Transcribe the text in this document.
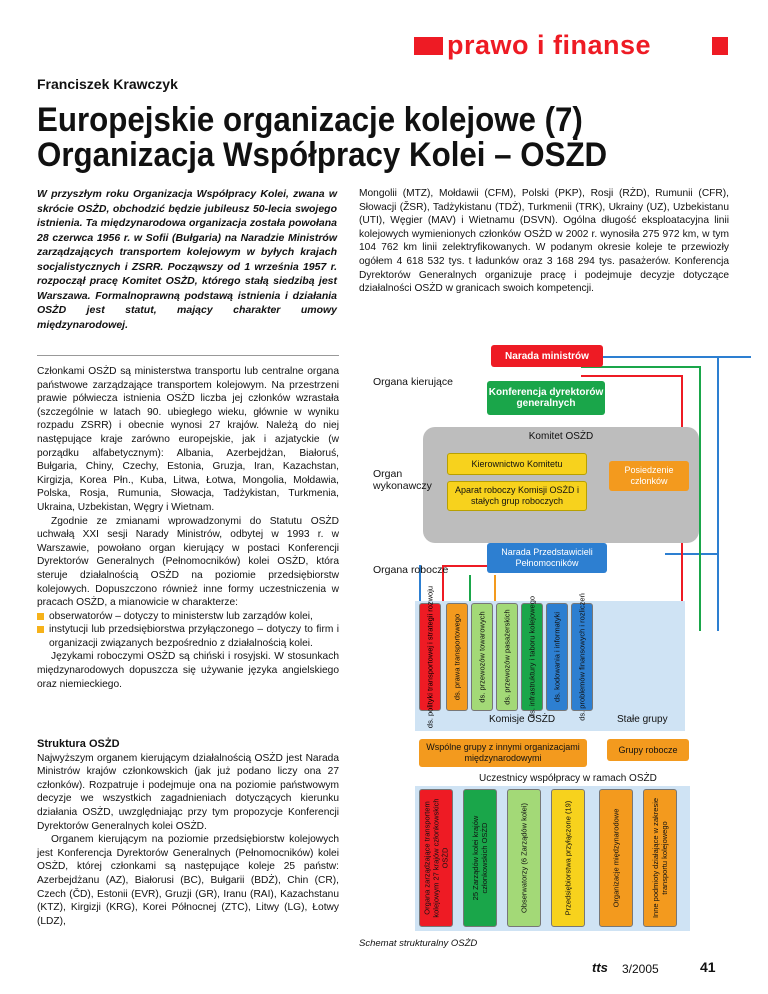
prawo i finanse
Franciszek Krawczyk
Europejskie organizacje kolejowe (7)
Organizacja Współpracy Kolei – OSŻD
W przyszłym roku Organizacja Współpracy Kolei, zwana w skrócie OSŻD, obchodzić będzie jubileusz 50-lecia swojego istnienia. Ta międzynarodowa organizacja została powołana 28 czerwca 1956 r. w Sofii (Bułgaria) na Naradzie Ministrów zarządzających transportem kolejowym w byłych krajach socjalistycznych i ZSRR. Począwszy od 1 września 1957 r. rozpoczął pracę Komitet OSŻD, którego stałą siedzibą jest Warszawa. Formalnoprawną podstawą istnienia i działania OSŻD jest statut, mający charakter umowy międzynarodowej.

Członkami OSŻD są ministerstwa transportu lub centralne organa państwowe zarządzające transportem kolejowym. Na przestrzeni prawie półwiecza istnienia OSŻD liczba jej członków wzrastała (szczególnie w latach 90. ubiegłego wieku, głównie w wyniku rozpadu ZSRR) i obecnie wynosi 27 krajów. Należą do niej następujące kraje zarówno europejskie, jak i azjatyckie (w porządku alfabetycznym): Albania, Azerbejdżan, Białoruś, Bułgaria, Chiny, Czechy, Estonia, Gruzja, Iran, Kazachstan, Kirgizja, Korea Płn., Kuba, Litwa, Łotwa, Mongolia, Mołdawia, Polska, Rosja, Rumunia, Słowacja, Tadżykistan, Turkmenia, Ukraina, Uzbekistan, Węgry i Wietnam.

Zgodnie ze zmianami wprowadzonymi do Statutu OSŻD uchwałą XXI sesji Narady Ministrów, odbytej w 1993 r. w Warszawie, powołano organ kierujący w postaci Konferencji Dyrektorów Generalnych (Pełnomocników) kolei OSŻD, która steruje działalnością OSŻD na poziomie przedsiębiorstw kolejowych. Dopuszczono również inne formy uczestniczenia w pracach OSŻD, a mianowicie w charakterze:

obserwatorów – dotyczy to ministerstw lub zarządów kolei,
instytucji lub przedsiębiorstwa przyłączonego – dotyczy to firm i organizacji związanych bezpośrednio z działalnością kolei.

Językami roboczymi OSŻD są chiński i rosyjski. W stosunkach międzynarodowych dopuszcza się używanie języka angielskiego oraz niemieckiego.

Struktura OSŻD

Najwyższym organem kierującym działalnością OSŻD jest Narada Ministrów krajów członkowskich (jak już podano liczy ona 27 członków). Rozpatruje i podejmuje ona na poziomie państwowym decyzje we wszystkich zagadnieniach dotyczących kierunku działania OSŻD, uwzględniając przy tym propozycje Konferencji Dyrektorów Generalnych kolei OSŻD.

Organem kierującym na poziomie przedsiębiorstw kolejowych jest Konferencja Dyrektorów Generalnych (Pełnomocników) kolei OSŻD, której członkami są następujące koleje 25 państw: Azerbejdżanu (AZ), Białorusi (BC), Bułgarii (BDŻ), Chin (CR), Czech (ČD), Estonii (EVR), Gruzji (GR), Iranu (RAI), Kazachstanu (KTZ), Kirgizji (KRG), Korei Północnej (ZTC), Litwy (LG), Łotwy (LDZ),

Mongolii (MTZ), Mołdawii (CFM), Polski (PKP), Rosji (RŻD), Rumunii (CFR), Słowacji (ŽSR), Tadżykistanu (TDŻ), Turkmenii (TRK), Ukrainy (UZ), Uzbekistanu (UTI), Węgier (MAV) i Wietnamu (DSVN). Ogólna długość eksploatacyjna linii kolejowych wymienionych członków OSŻD w 2002 r. wynosiła 275 972 km, w tym 104 762 km linii zelektryfikowanych. W podanym okresie koleje te przewiozły ogółem 4 618 532 tys. t ładunków oraz 3 168 294 tys. pasażerów. Konferencja Dyrektorów Generalnych organizuje pracę i podejmuje decyzje dotyczące działalności OSŻD w granicach swoich kompetencji.

Narada ministrów
Organa kierujące
Konferencja dyrektorów generalnych
Komitet OSŻD
Organ wykonawczy
Kierownictwo Komitetu
Aparat roboczy Komisji OSŻD i stałych grup roboczych
Posiedzenie członków
Narada Przedstawicieli Pełnomocników
Organa robocze
ds. polityki transportowej i strategii rozwoju ds. prawa transportowego ds. przewozów towarowych ds. przewozów pasażerskich ds. infrastruktury i taboru kolejowego ds. kodowania i informatyki ds. problemów finansowych i rozliczeń
Komisje OSŻD	Stałe grupy
Wspólne grupy z innymi organizacjami międzynarodowymi
Grupy robocze
Uczestnicy współpracy w ramach OSŻD
Organa zarządzające transportem kolejowym 27 krajów członkowskich OSŻD	25 Zarządów kolei krajów członkowskich OSŻD	Obserwatorzy (6 Zarządów kolei)	Przedsiębiorstwa przyłączone (19)	Organizacje międzynarodowe	Inne podmioty działające w zakresie transportu kolejowego
Schemat strukturalny OSŻD
tts 3/2005	41
